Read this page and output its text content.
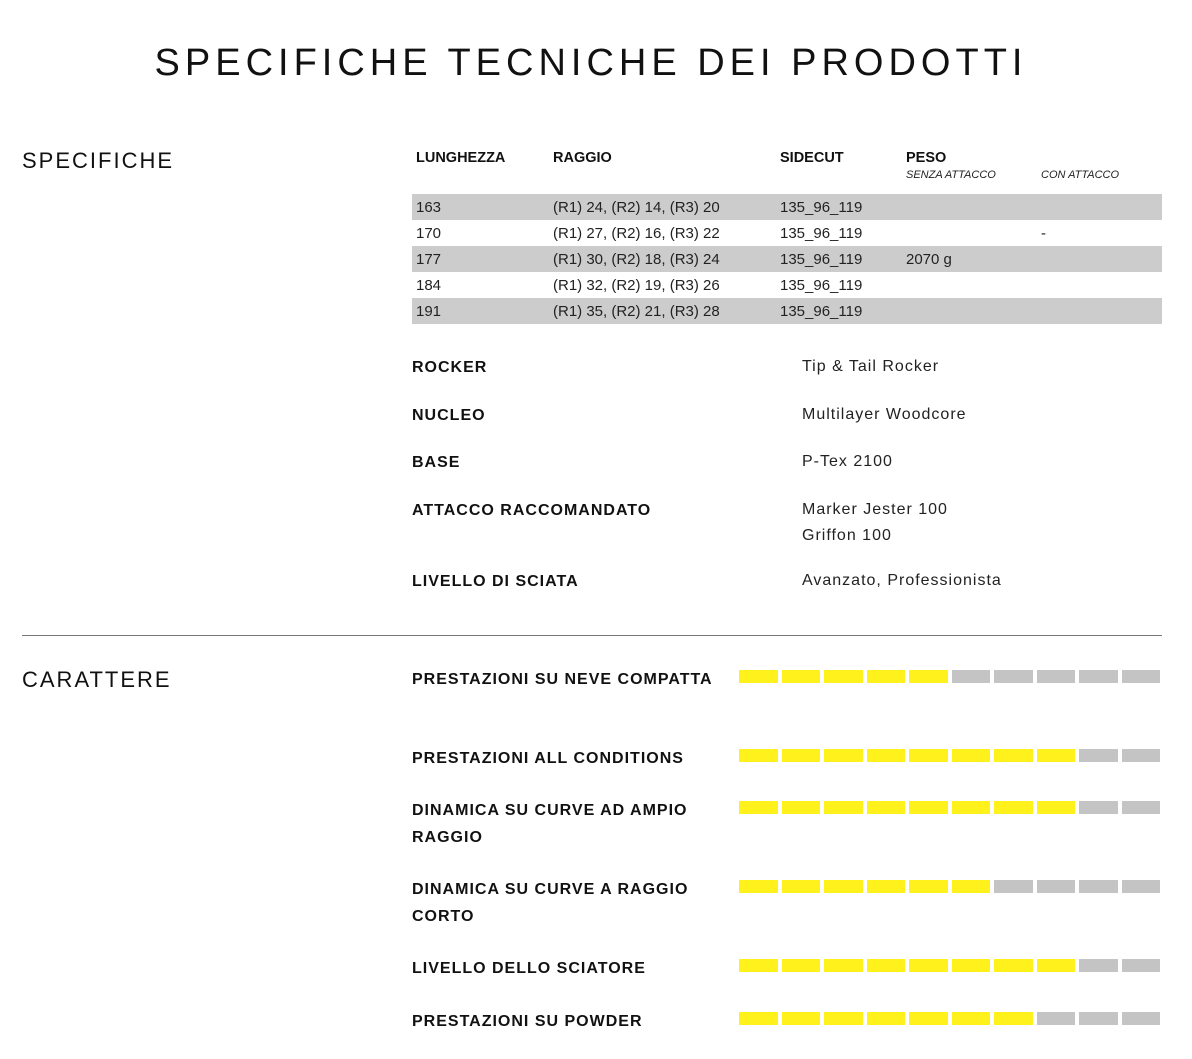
SPECIFICHE TECNICHE DEI PRODOTTI
SPECIFICHE	LUNGHEZZA	RAGGIO	SIDECUT	PESO
SENZA ATTACCO	CON ATTACCO

163	(R1) 24, (R2) 14, (R3) 20	135_96_119		
170	(R1) 27, (R2) 16, (R3) 22	135_96_119		-
177	(R1) 30, (R2) 18, (R3) 24	135_96_119	2070 g	
184	(R1) 32, (R2) 19, (R3) 26	135_96_119		
191	(R1) 35, (R2) 21, (R3) 28	135_96_119		
ROCKER	Tip & Tail Rocker
NUCLEO	Multilayer Woodcore
BASE	P-Tex 2100
ATTACCO RACCOMANDATO	Marker Jester 100
Griffon 100
LIVELLO DI SCIATA	Avanzato, Professionista
CARATTERE	PRESTAZIONI SU NEVE COMPATTA
PRESTAZIONI ALL CONDITIONS
DINAMICA SU CURVE AD AMPIO RAGGIO
DINAMICA SU CURVE A RAGGIO CORTO
LIVELLO DELLO SCIATORE
PRESTAZIONI SU POWDER
